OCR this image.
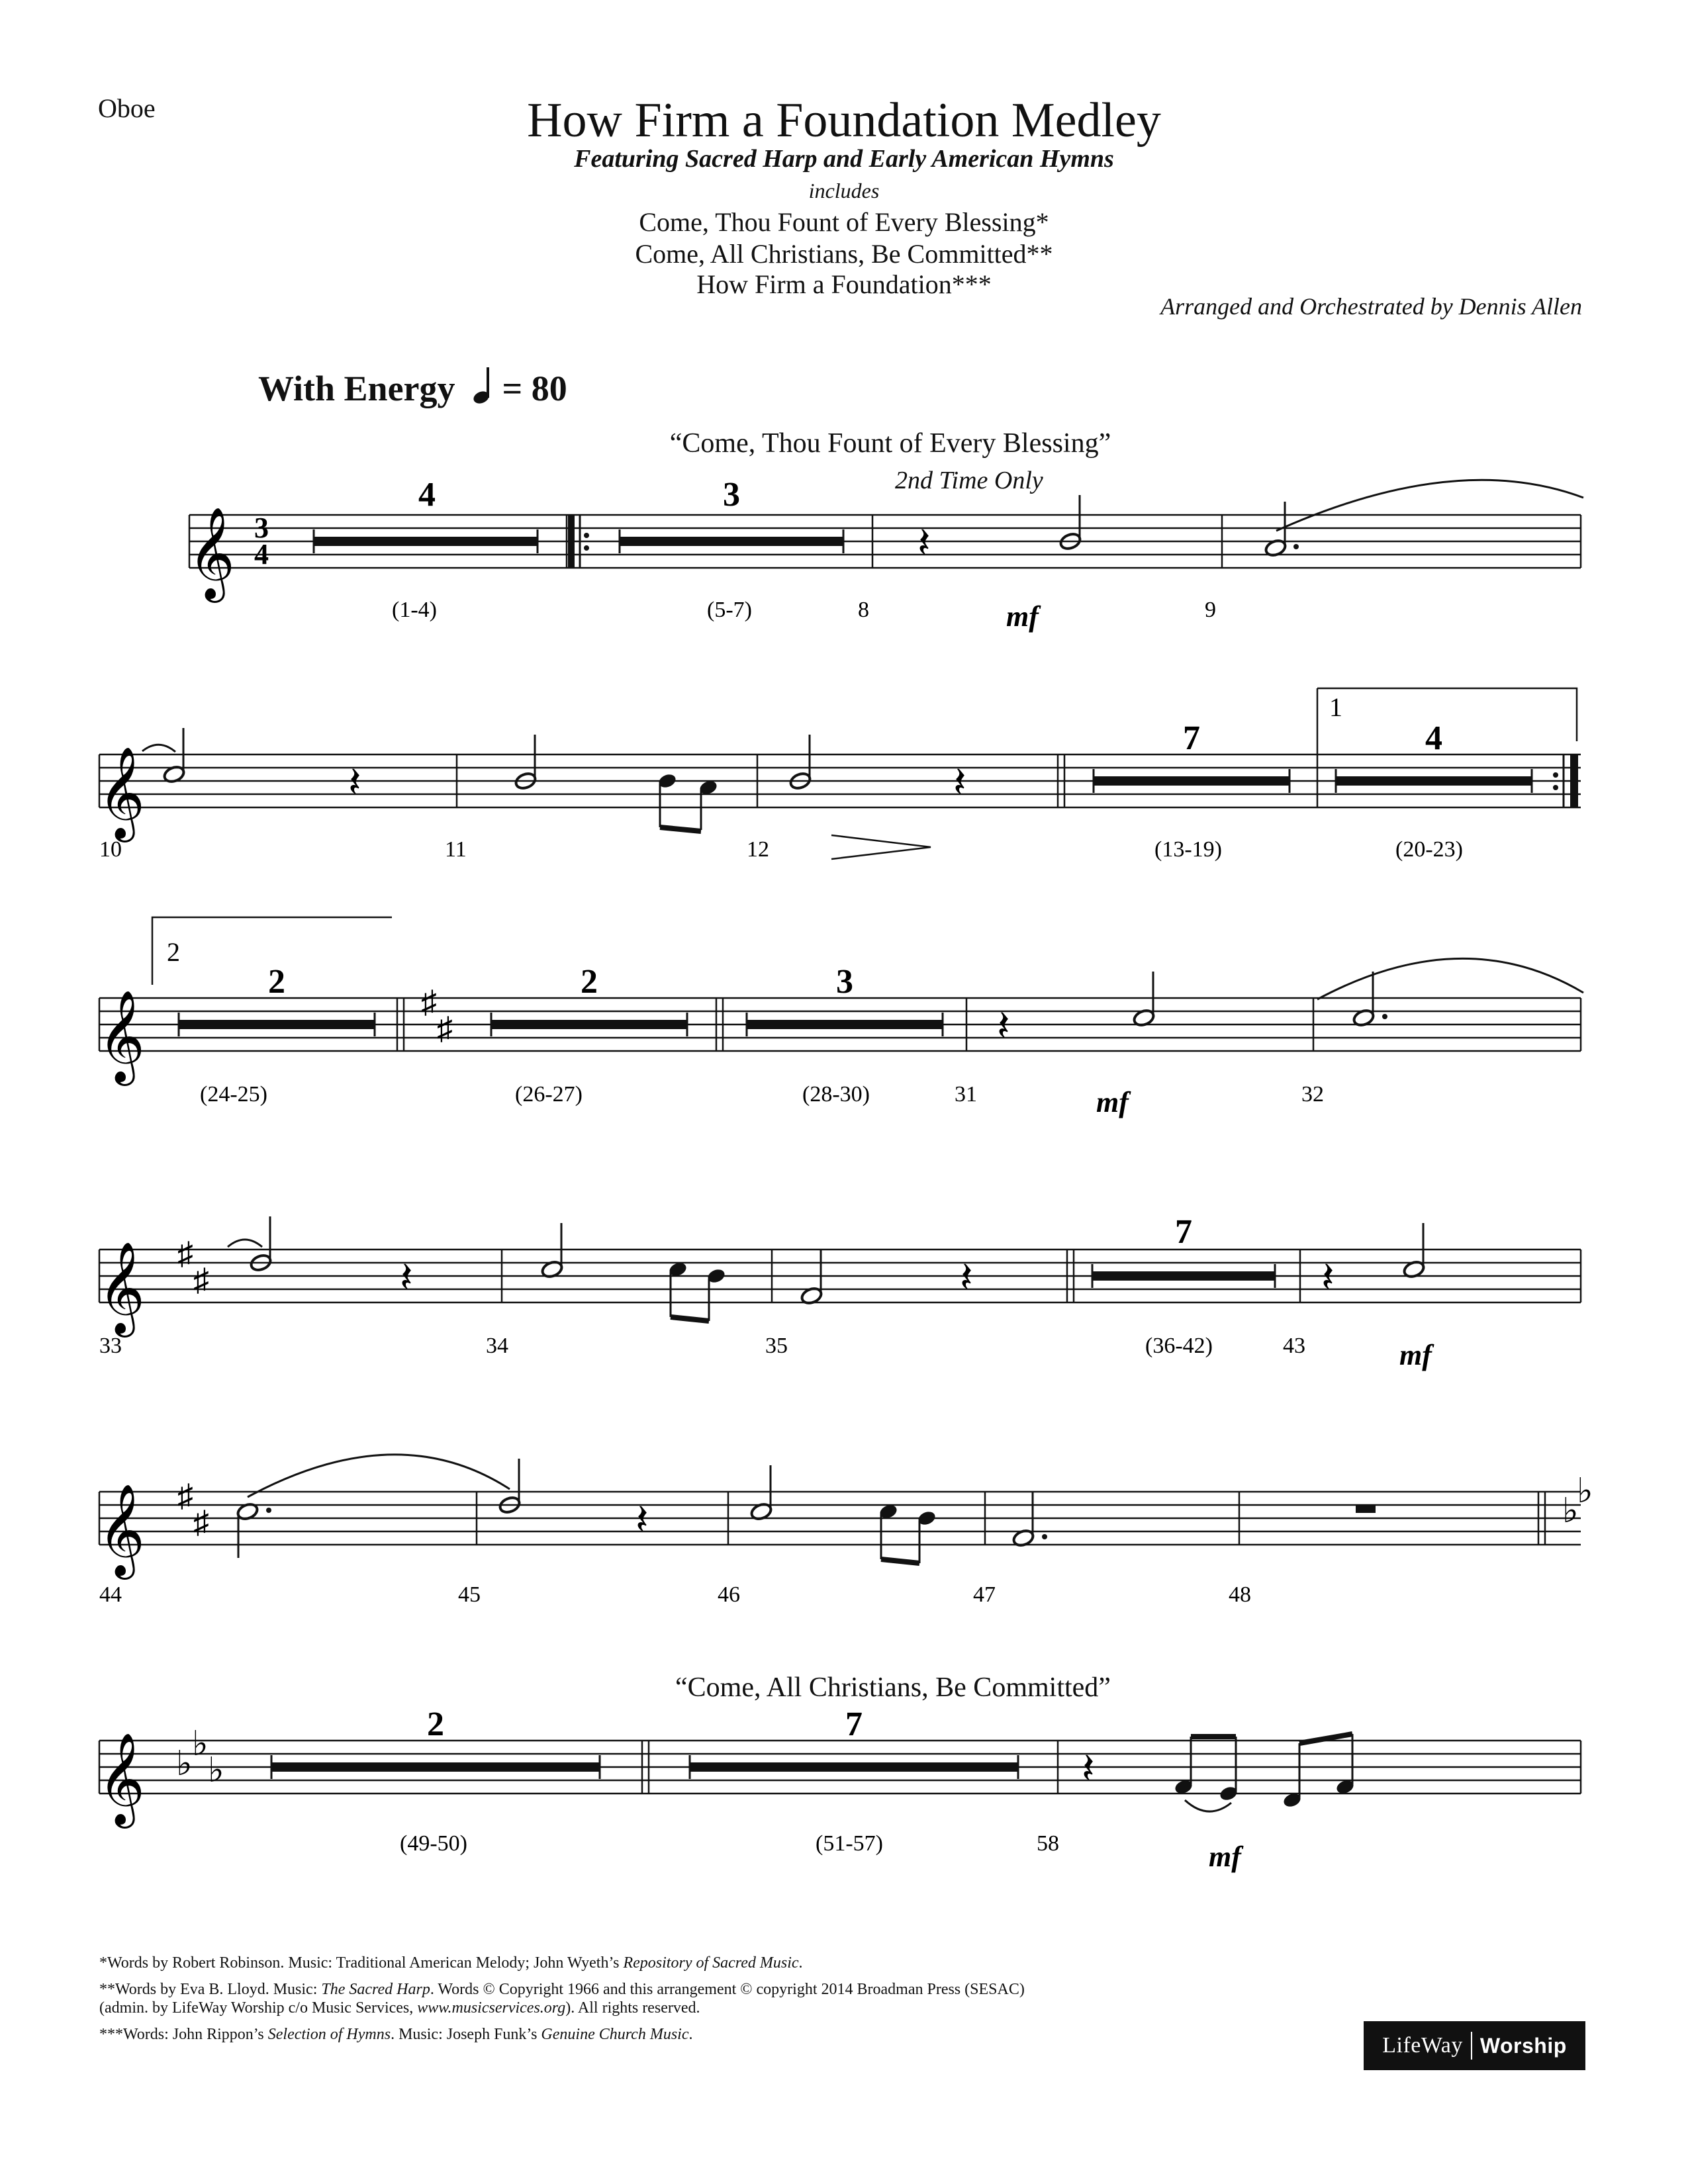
Oboe	How Firm a Foundation Medley
Featuring Sacred Harp and Early American Hymns
includes
Come, Thou Fount of Every Blessing*
Come, All Christians, Be Committed**
How Firm a Foundation***
Arranged and Orchestrated by Dennis Allen
With Energy = 80
“Come, Thou Fount of Every Blessing”
2nd Time Only
“Come, All Christians, Be Committed”
𝄞 3
4
4	3
𝄽
(1-4)	(5-7)	8	9
mf
𝄞
1
𝄽	𝄽
7	4
10	11	12	(13-19)	(20-23)
𝄞
2
2
♯
♯
2	3
𝄽
(24-25)	(26-27)	(28-30)	31	32
mf
𝄞 ♯
♯	𝄽	𝄽
7
𝄽
33	34	35	(36-42)	43	mf
𝄞 ♯
♯	𝄽	♭
♭
44	45	46	47	48
𝄞 ♭
♭
♭
2	7
𝄽
(49-50)	(51-57)	58	mf

*Words by Robert Robinson. Music: Traditional American Melody; John Wyeth’s Repository of Sacred Music.

**Words by Eva B. Lloyd. Music: The Sacred Harp. Words © Copyright 1966 and this arrangement © copyright 2014 Broadman Press (SESAC)
(admin. by LifeWay Worship c/o Music Services, www.musicservices.org). All rights reserved.

***Words: John Rippon’s Selection of Hymns. Music: Joseph Funk’s Genuine Church Music.	LifeWay Worship
